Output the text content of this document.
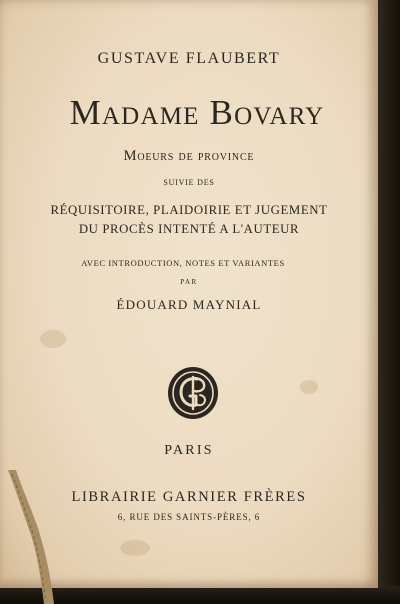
GUSTAVE FLAUBERT
Madame Bovary
Moeurs de province
SUIVIE DES
RÉQUISITOIRE, PLAIDOIRIE ET JUGEMENT
DU PROCÈS INTENTÉ A L'AUTEUR
AVEC INTRODUCTION, NOTES ET VARIANTES
PAR
ÉDOUARD MAYNIAL
PARIS
LIBRAIRIE GARNIER FRÈRES
6, RUE DES SAINTS-PÈRES, 6
